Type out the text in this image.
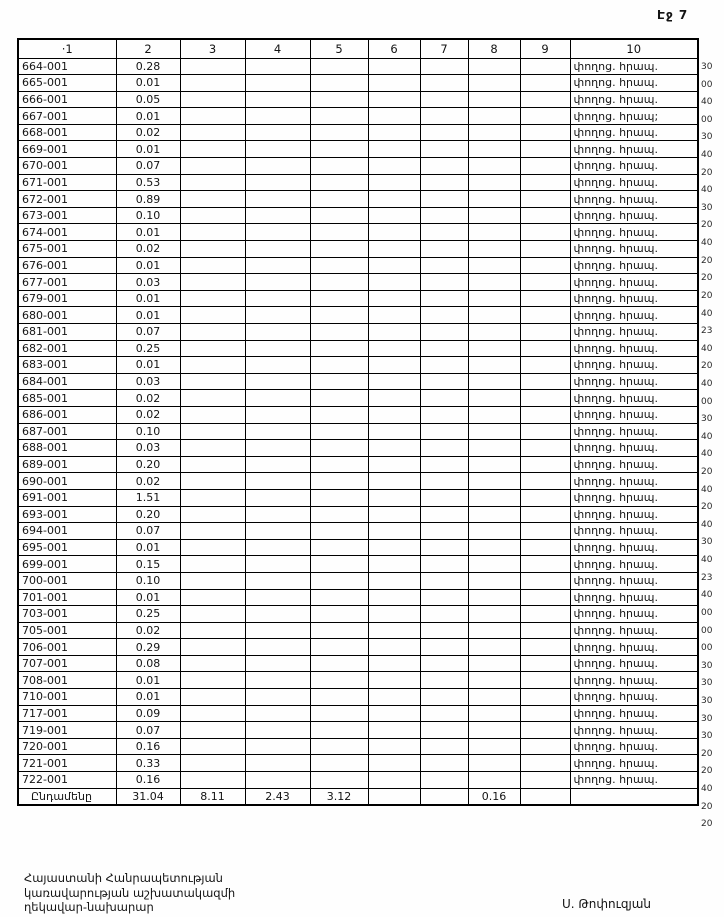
Էջ 7
·1	2	3	4	5	6	7	8	9	10
664-001	0.28								փողոց. հրապ.
665-001	0.01								փողոց. հրապ.
666-001	0.05								փողոց. հրապ.
667-001	0.01								փողոց. հրապ;
668-001	0.02								փողոց. հրապ.
669-001	0.01								փողոց. հրապ.
670-001	0.07								փողոց. հրապ.
671-001	0.53								փողոց. հրապ.
672-001	0.89								փողոց. հրապ.
673-001	0.10								փողոց. հրապ.
674-001	0.01								փողոց. հրապ.
675-001	0.02								փողոց. հրապ.
676-001	0.01								փողոց. հրապ.
677-001	0.03								փողոց. հրապ.
679-001	0.01								փողոց. հրապ.
680-001	0.01								փողոց. հրապ.
681-001	0.07								փողոց. հրապ.
682-001	0.25								փողոց. հրապ.
683-001	0.01								փողոց. հրապ.
684-001	0.03								փողոց. հրապ.
685-001	0.02								փողոց. հրապ.
686-001	0.02								փողոց. հրապ.
687-001	0.10								փողոց. հրապ.
688-001	0.03								փողոց. հրապ.
689-001	0.20								փողոց. հրապ.
690-001	0.02								փողոց. հրապ.
691-001	1.51								փողոց. հրապ.
693-001	0.20								փողոց. հրապ.
694-001	0.07								փողոց. հրապ.
695-001	0.01								փողոց. հրապ.
699-001	0.15								փողոց. հրապ.
700-001	0.10								փողոց. հրապ.
701-001	0.01								փողոց. հրապ.
703-001	0.25								փողոց. հրապ.
705-001	0.02								փողոց. հրապ.
706-001	0.29								փողոց. հրապ.
707-001	0.08								փողոց. հրապ.
708-001	0.01								փողոց. հրապ.
710-001	0.01								փողոց. հրապ.
717-001	0.09								փողոց. հրապ.
719-001	0.07								փողոց. հրապ.
720-001	0.16								փողոց. հրապ.
721-001	0.33								փողոց. հրապ.
722-001	0.16								փողոց. հրապ.
Ընդամենը	31.04	8.11	2.43	3.12			0.16		
30
00
40
00
30
40
20
40
30
20
40
20
20
20
40
23
40
20
40
00
30
40
40
20
40
20
40
30
40
23
40
00
00
00
30
30
30
30
30
20
20
40
20
20
Հայաստանի Հանրապետության
կառավարության աշխատակազմի
ղեկավար-նախարար	Ս. Թոփուզյան
